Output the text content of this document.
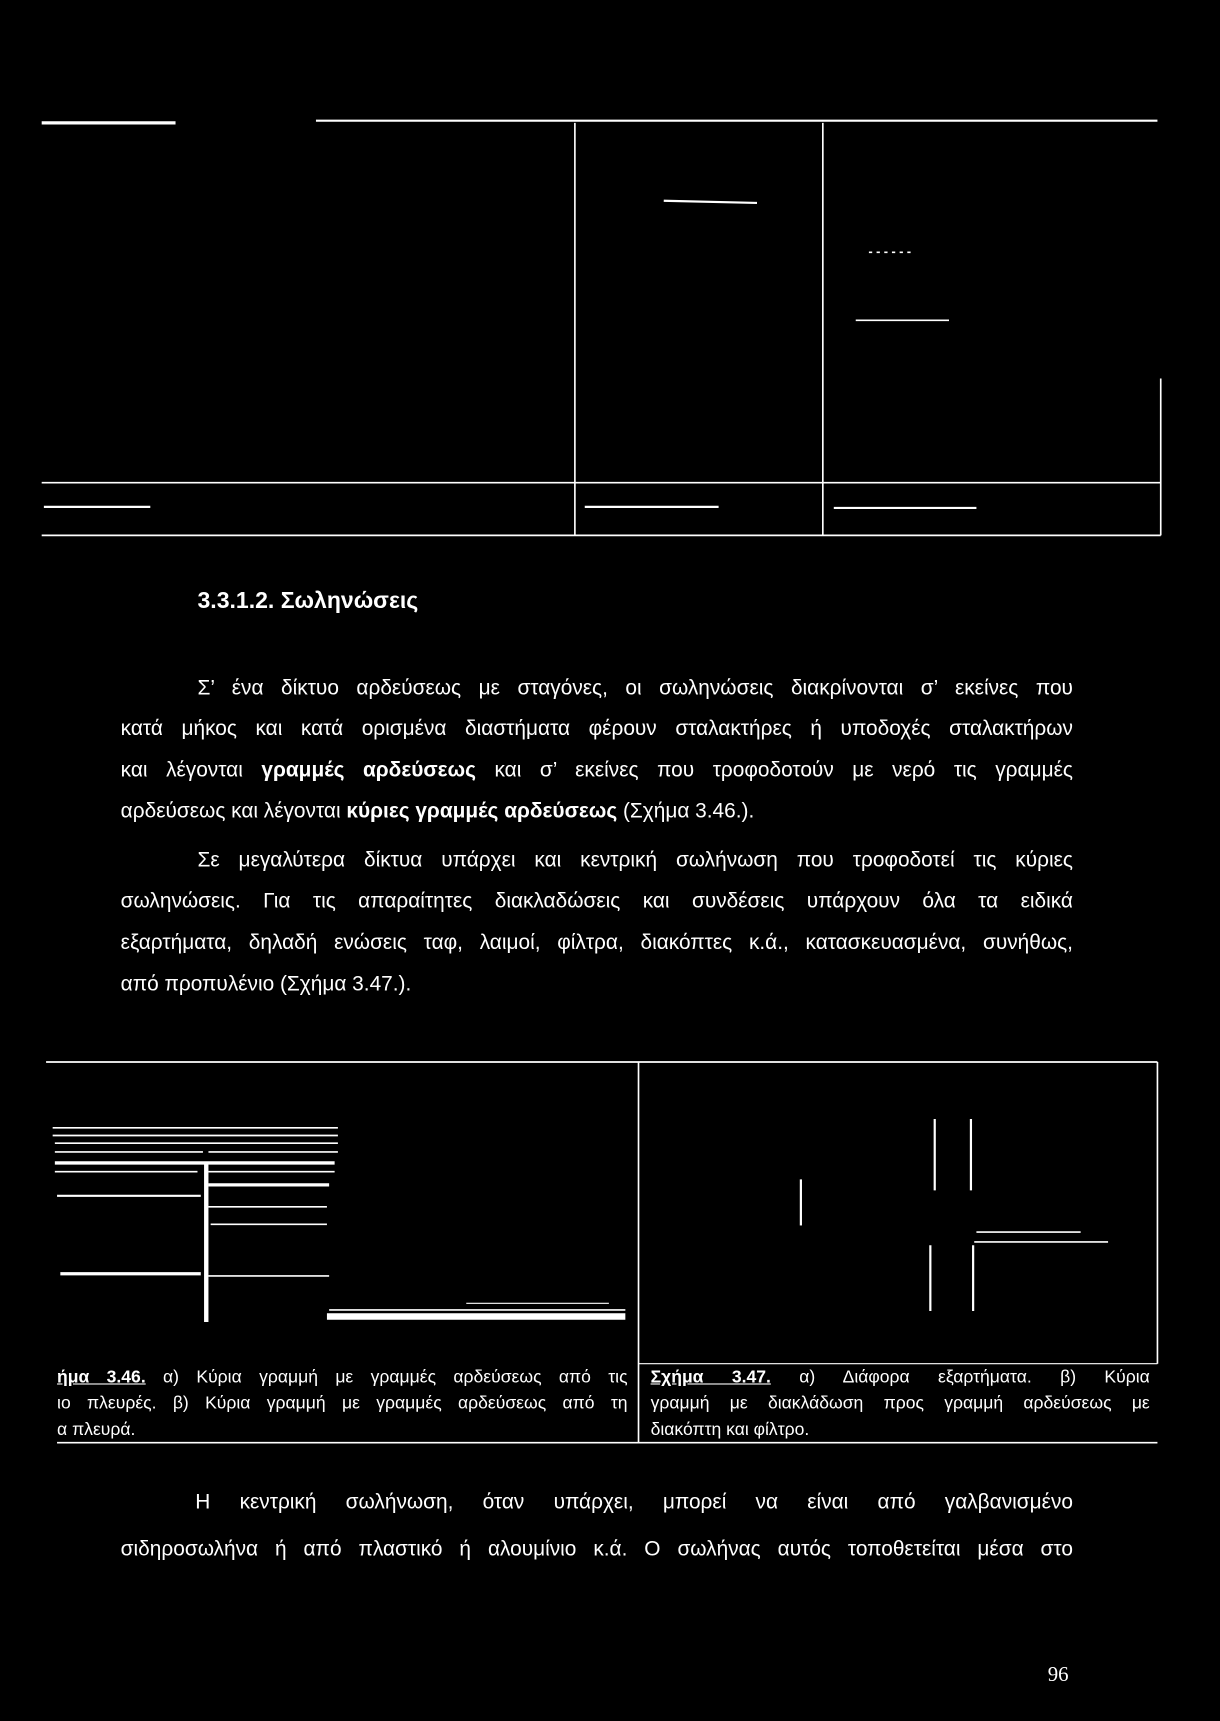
3.3.1.2. Σωληνώσεις
Σ’ ένα δίκτυο αρδεύσεως με σταγόνες, οι σωληνώσεις διακρίνονται σ’ εκείνες που
κατά μήκος και κατά ορισμένα διαστήματα φέρουν σταλακτήρες ή υποδοχές σταλακτήρων
και λέγονται γραμμές αρδεύσεως και σ’ εκείνες που τροφοδοτούν με νερό τις γραμμές
αρδεύσεως και λέγονται κύριες γραμμές αρδεύσεως (Σχήμα 3.46.).
Σε μεγαλύτερα δίκτυα υπάρχει και κεντρική σωλήνωση που τροφοδοτεί τις κύριες
σωληνώσεις. Για τις απαραίτητες διακλαδώσεις και συνδέσεις υπάρχουν όλα τα ειδικά
εξαρτήματα, δηλαδή ενώσεις ταφ, λαιμοί, φίλτρα, διακόπτες κ.ά., κατασκευασμένα, συνήθως,
από προπυλένιο (Σχήμα 3.47.).
ήμα 3.46. α) Κύρια γραμμή με γραμμές αρδεύσεως από τις
ιο πλευρές. β) Κύρια γραμμή με γραμμές αρδεύσεως από τη
α πλευρά.
Σχήμα 3.47. α) Διάφορα εξαρτήματα. β) Κύρια
γραμμή με διακλάδωση προς γραμμή αρδεύσεως με
διακόπτη και φίλτρο.
Η κεντρική σωλήνωση, όταν υπάρχει, μπορεί να είναι από γαλβανισμένο
σιδηροσωλήνα ή από πλαστικό ή αλουμίνιο κ.ά. Ο σωλήνας αυτός τοποθετείται μέσα στο
96
